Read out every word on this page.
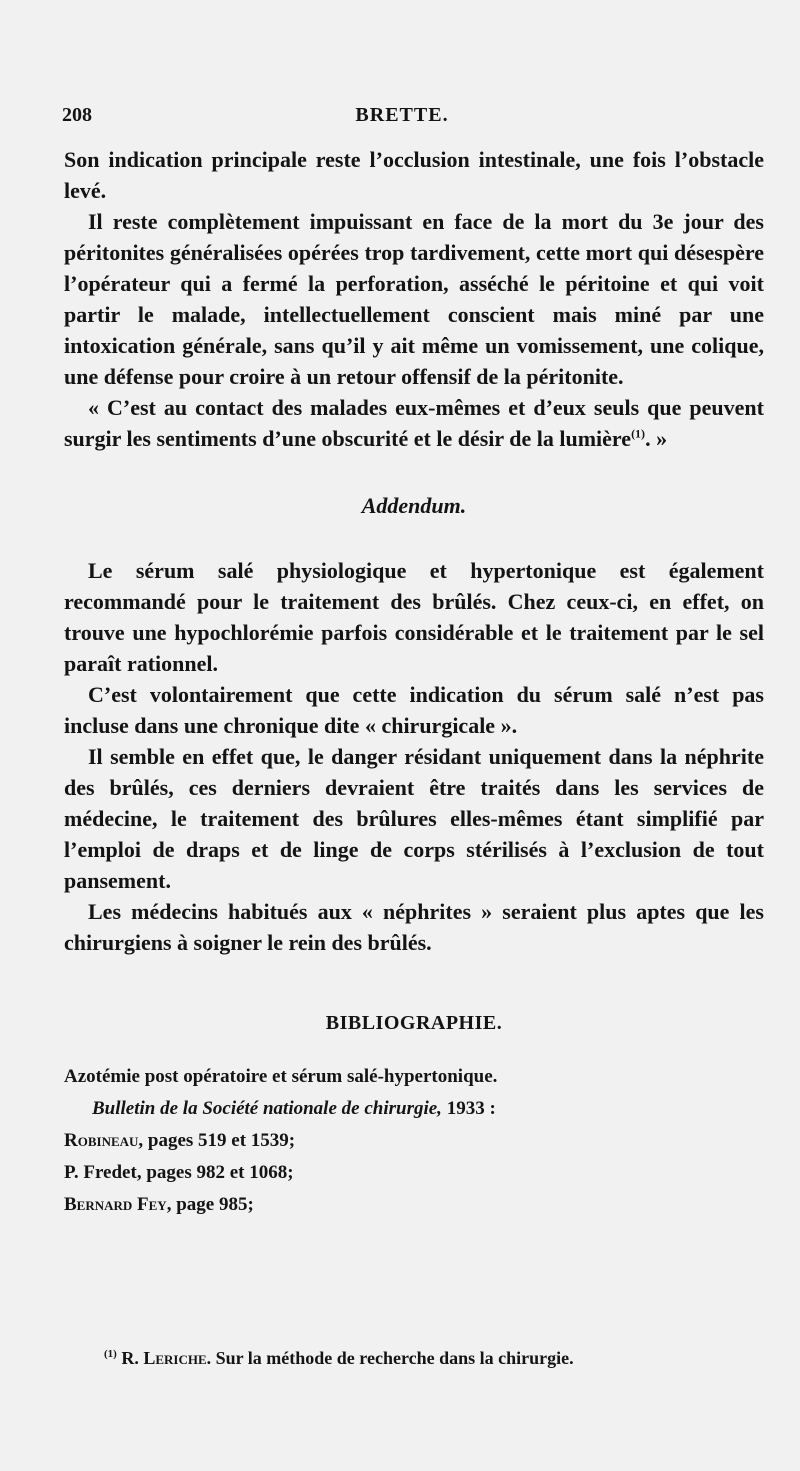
208	BRETTE.

Son indication principale reste l’occlusion intestinale, une fois l’obstacle levé.

Il reste complètement impuissant en face de la mort du 3e jour des péritonites généralisées opérées trop tardivement, cette mort qui désespère l’opérateur qui a fermé la perforation, asséché le péritoine et qui voit partir le malade, intellectuellement conscient mais miné par une intoxication générale, sans qu’il y ait même un vomissement, une colique, une défense pour croire à un retour offensif de la péritonite.

« C’est au contact des malades eux-mêmes et d’eux seuls que peuvent surgir les sentiments d’une obscurité et le désir de la lumière$^{(1)}$. »

Addendum.

Le sérum salé physiologique et hypertonique est également recommandé pour le traitement des brûlés. Chez ceux-ci, en effet, on trouve une hypochlorémie parfois considérable et le traitement par le sel paraît rationnel.

C’est volontairement que cette indication du sérum salé n’est pas incluse dans une chronique dite « chirurgicale ».

Il semble en effet que, le danger résidant uniquement dans la néphrite des brûlés, ces derniers devraient être traités dans les services de médecine, le traitement des brûlures elles-mêmes étant simplifié par l’emploi de draps et de linge de corps stérilisés à l’exclusion de tout pansement.

Les médecins habitués aux « néphrites » seraient plus aptes que les chirurgiens à soigner le rein des brûlés.

BIBLIOGRAPHIE.
Azotémie post opératoire et sérum salé-hypertonique.
Bulletin de la Société nationale de chirurgie, 1933 :
Robineau, pages 519 et 1539;
P. Fredet, pages 982 et 1068;
Bernard Fey, page 985;
$^{(1)}$ R. Leriche. Sur la méthode de recherche dans la chirurgie.
